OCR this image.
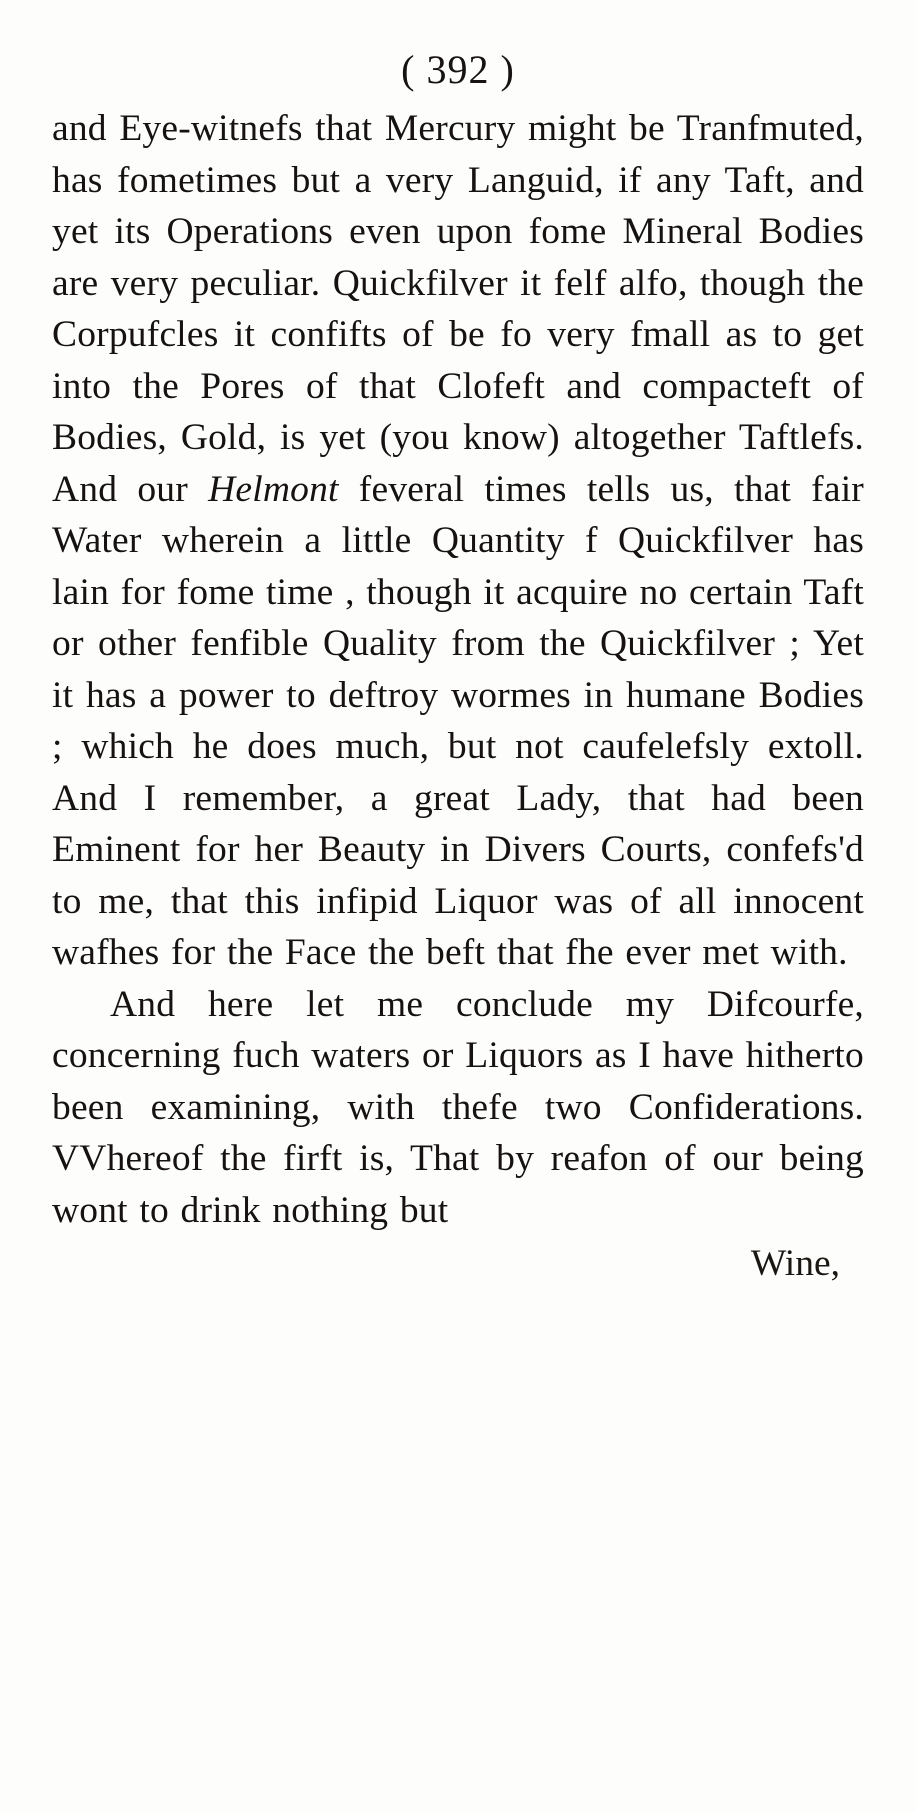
( 392 )

and Eye-witnefs that Mercury might be Tranfmuted, has fometimes but a very Languid, if any Taft, and yet its Operations even upon fome Mineral Bodies are very peculiar. Quickfilver it felf alfo, though the Corpufcles it confifts of be fo very fmall as to get into the Pores of that Clofeft and compacteft of Bodies, Gold, is yet (you know) altogether Taftlefs. And our Helmont feveral times tells us, that fair Water wherein a little Quantity f Quickfilver has lain for fome time , though it acquire no certain Taft or other fenfible Quality from the Quickfilver ; Yet it has a power to deftroy wormes in humane Bodies ; which he does much, but not caufelefsly extoll. And I remember, a great Lady, that had been Eminent for her Beauty in Divers Courts, confefs'd to me, that this infipid Liquor was of all innocent wafhes for the Face the beft that fhe ever met with.

And here let me conclude my Difcourfe, concerning fuch waters or Liquors as I have hitherto been examining, with thefe two Confiderations. VVhereof the firft is, That by reafon of our being wont to drink nothing but

Wine,
